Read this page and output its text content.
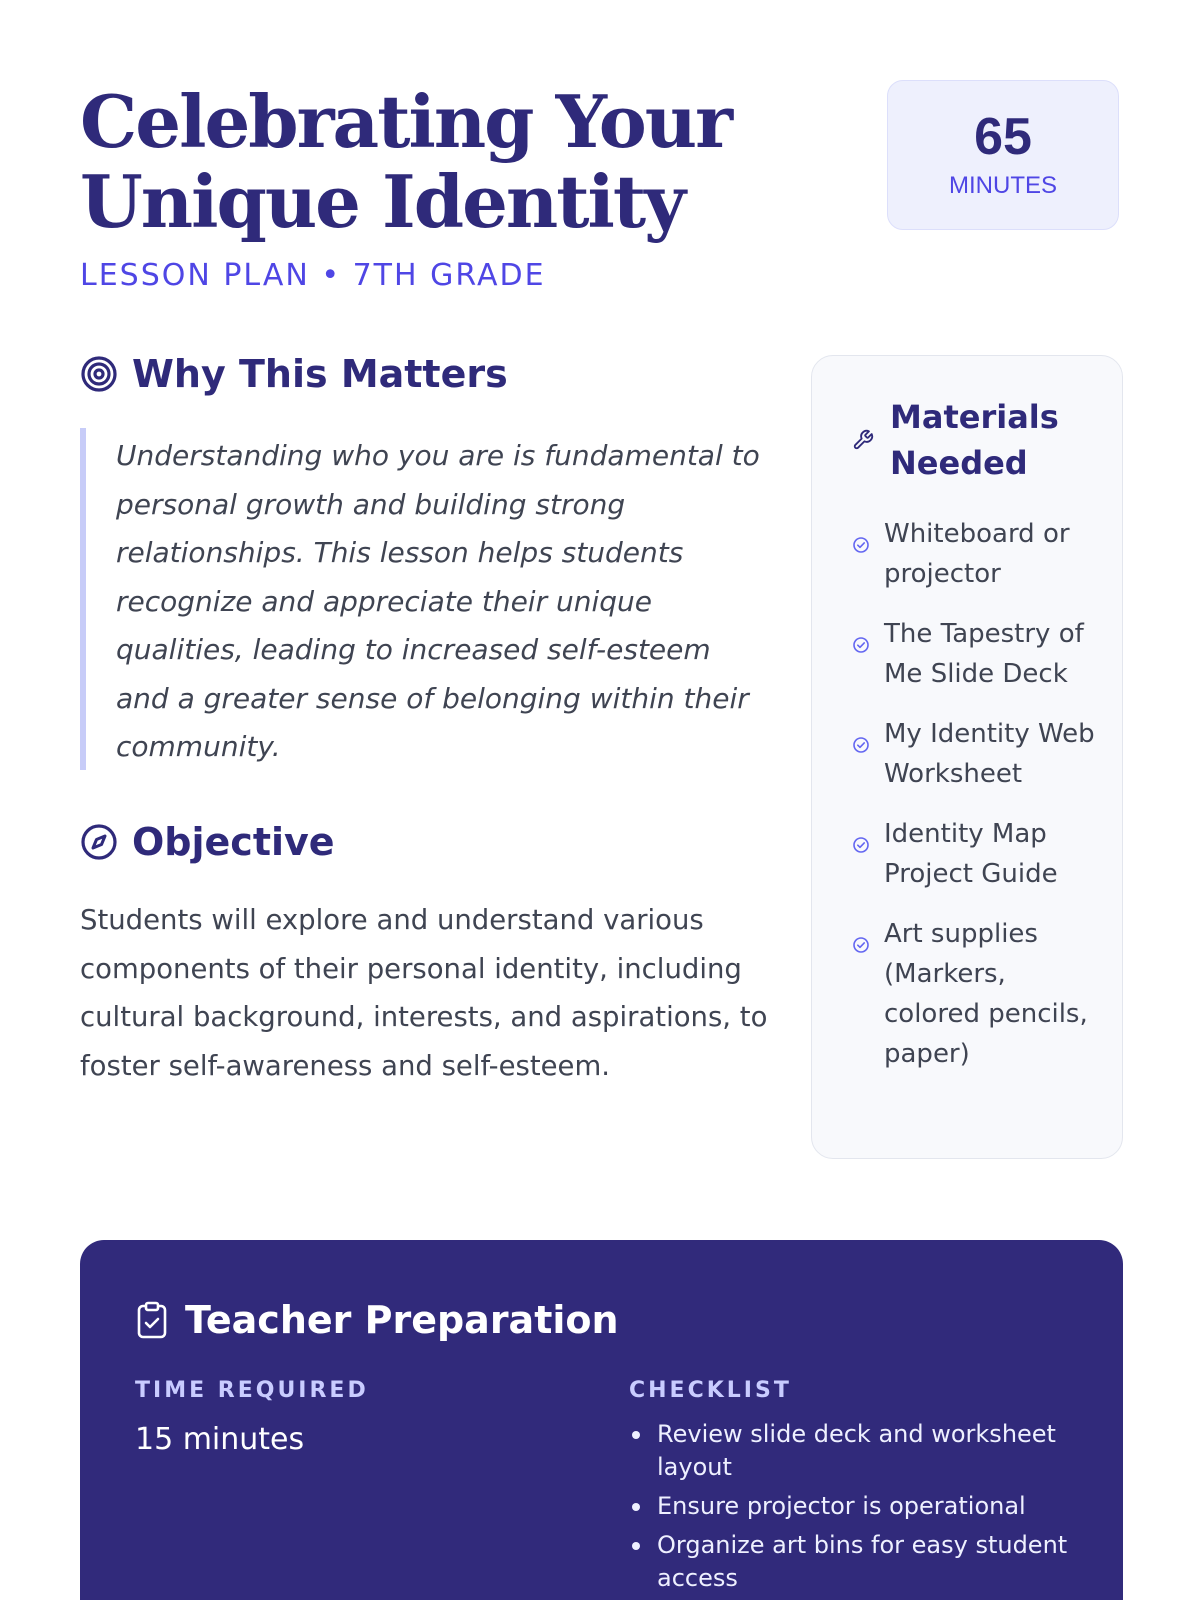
Celebrating Your Unique Identity
LESSON PLAN • 7TH GRADE
65
MINUTES
Why This Matters
Understanding who you are is fundamental to personal growth and building strong relationships. This lesson helps students recognize and appreciate their unique qualities, leading to increased self-esteem and a greater sense of belonging within their community.
Objective

Students will explore and understand various components of their personal identity, including cultural background, interests, and aspirations, to foster self-awareness and self-esteem.

Materials Needed
Whiteboard or projector
The Tapestry of Me Slide Deck
My Identity Web Worksheet
Identity Map Project Guide
Art supplies (Markers, colored pencils, paper)
Teacher Preparation
TIME REQUIRED
15 minutes
CHECKLIST
Review slide deck and worksheet layout
Ensure projector is operational
Organize art bins for easy student access
